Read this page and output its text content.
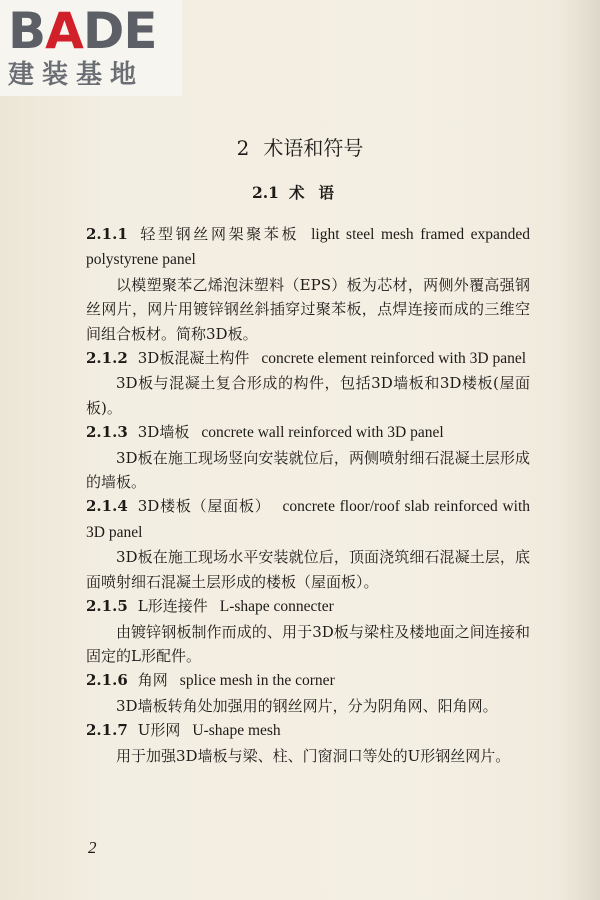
BADE
建装基地
2 术语和符号
2.1 术语

2.1.1 轻型钢丝网架聚苯板 light steel mesh framed expanded polystyrene panel

以模塑聚苯乙烯泡沫塑料（EPS）板为芯材，两侧外覆高强钢丝网片，网片用镀锌钢丝斜插穿过聚苯板，点焊连接而成的三维空间组合板材。简称3D板。

2.1.2 3D板混凝土构件 concrete element reinforced with 3D panel

3D板与混凝土复合形成的构件，包括3D墙板和3D楼板(屋面板)。

2.1.3 3D墙板 concrete wall reinforced with 3D panel

3D板在施工现场竖向安装就位后，两侧喷射细石混凝土层形成的墙板。

2.1.4 3D楼板（屋面板） concrete floor/roof slab reinforced with 3D panel

3D板在施工现场水平安装就位后，顶面浇筑细石混凝土层，底面喷射细石混凝土层形成的楼板（屋面板）。

2.1.5 L形连接件 L-shape connecter

由镀锌钢板制作而成的、用于3D板与梁柱及楼地面之间连接和固定的L形配件。

2.1.6 角网 splice mesh in the corner

3D墙板转角处加强用的钢丝网片，分为阴角网、阳角网。

2.1.7 U形网 U-shape mesh

用于加强3D墙板与梁、柱、门窗洞口等处的U形钢丝网片。

2
